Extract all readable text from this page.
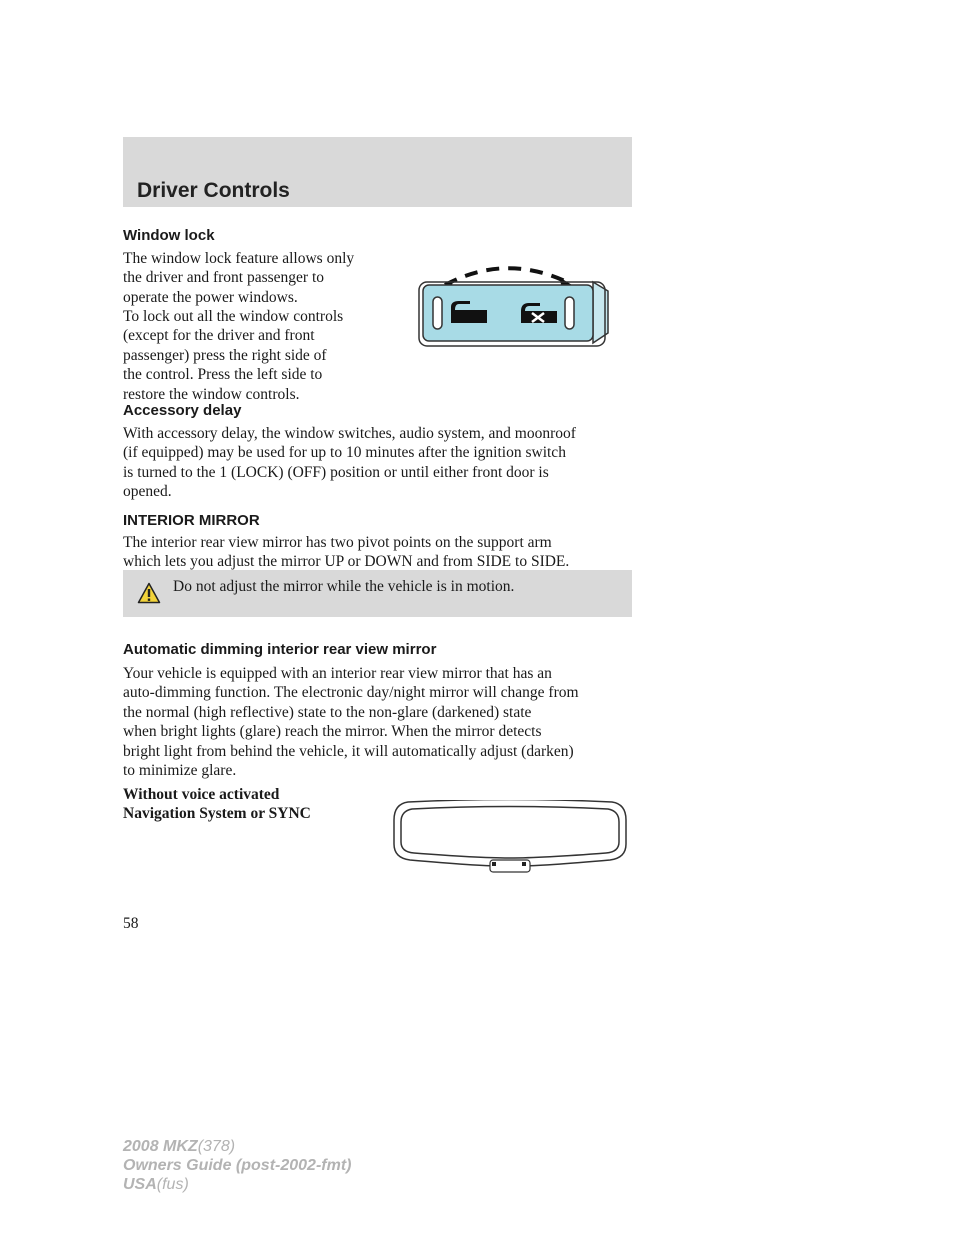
Driver Controls
Window lock
The window lock feature allows only
the driver and front passenger to
operate the power windows.
To lock out all the window controls
(except for the driver and front
passenger) press the right side of
the control. Press the left side to
restore the window controls.
Accessory delay
With accessory delay, the window switches, audio system, and moonroof
(if equipped) may be used for up to 10 minutes after the ignition switch
is turned to the 1 (LOCK) (OFF) position or until either front door is
opened.
INTERIOR MIRROR
The interior rear view mirror has two pivot points on the support arm
which lets you adjust the mirror UP or DOWN and from SIDE to SIDE.

Do not adjust the mirror while the vehicle is in motion.

Automatic dimming interior rear view mirror
Your vehicle is equipped with an interior rear view mirror that has an
auto-dimming function. The electronic day/night mirror will change from
the normal (high reflective) state to the non-glare (darkened) state
when bright lights (glare) reach the mirror. When the mirror detects
bright light from behind the vehicle, it will automatically adjust (darken)
to minimize glare.
Without voice activated
Navigation System or SYNC
58
2008 MKZ(378)
Owners Guide (post-2002-fmt)
USA(fus)
